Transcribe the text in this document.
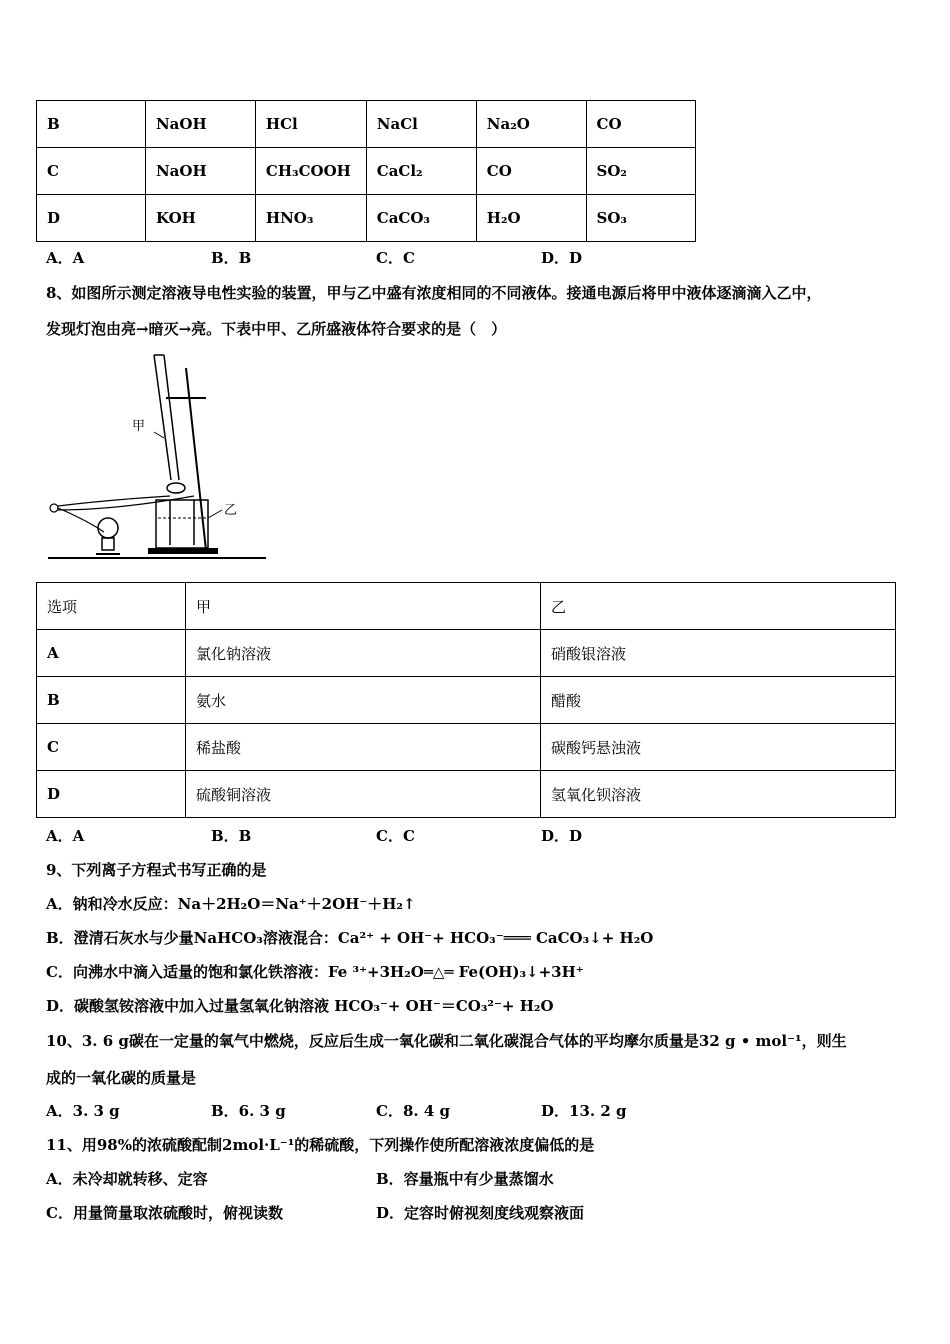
B	NaOH	HCl	NaCl	Na₂O	CO
C	NaOH	CH₃COOH	CaCl₂	CO	SO₂
D	KOH	HNO₃	CaCO₃	H₂O	SO₃
A．A	B．B	C．C	D．D
8、如图所示测定溶液导电性实验的装置，甲与乙中盛有浓度相同的不同液体。接通电源后将甲中液体逐滴滴入乙中，
发现灯泡由亮→暗灭→亮。下表中甲、乙所盛液体符合要求的是（　）
甲
乙
选项	甲	乙
A	氯化钠溶液	硝酸银溶液
B	氨水	醋酸
C	稀盐酸	碳酸钙悬浊液
D	硫酸铜溶液	氢氧化钡溶液
A．A	B．B	C．C	D．D
9、下列离子方程式书写正确的是
A．钠和冷水反应：Na＋2H₂O＝Na⁺＋2OH⁻＋H₂↑
B．澄清石灰水与少量NaHCO₃溶液混合：Ca²⁺ + OH⁻+ HCO₃⁻═══ CaCO₃↓+ H₂O
C．向沸水中滴入适量的饱和氯化铁溶液：Fe ³⁺+3H₂O═△═ Fe(OH)₃↓+3H⁺
D．碳酸氢铵溶液中加入过量氢氧化钠溶液 HCO₃⁻+ OH⁻＝CO₃²⁻+ H₂O
10、3. 6 g碳在一定量的氧气中燃烧，反应后生成一氧化碳和二氧化碳混合气体的平均摩尔质量是32 g • mol⁻¹，则生
成的一氧化碳的质量是
A．3. 3 g	B．6. 3 g	C．8. 4 g	D．13. 2 g
11、用98%的浓硫酸配制2mol·L⁻¹的稀硫酸，下列操作使所配溶液浓度偏低的是
A．未冷却就转移、定容	B．容量瓶中有少量蒸馏水
C．用量筒量取浓硫酸时，俯视读数	D．定容时俯视刻度线观察液面
